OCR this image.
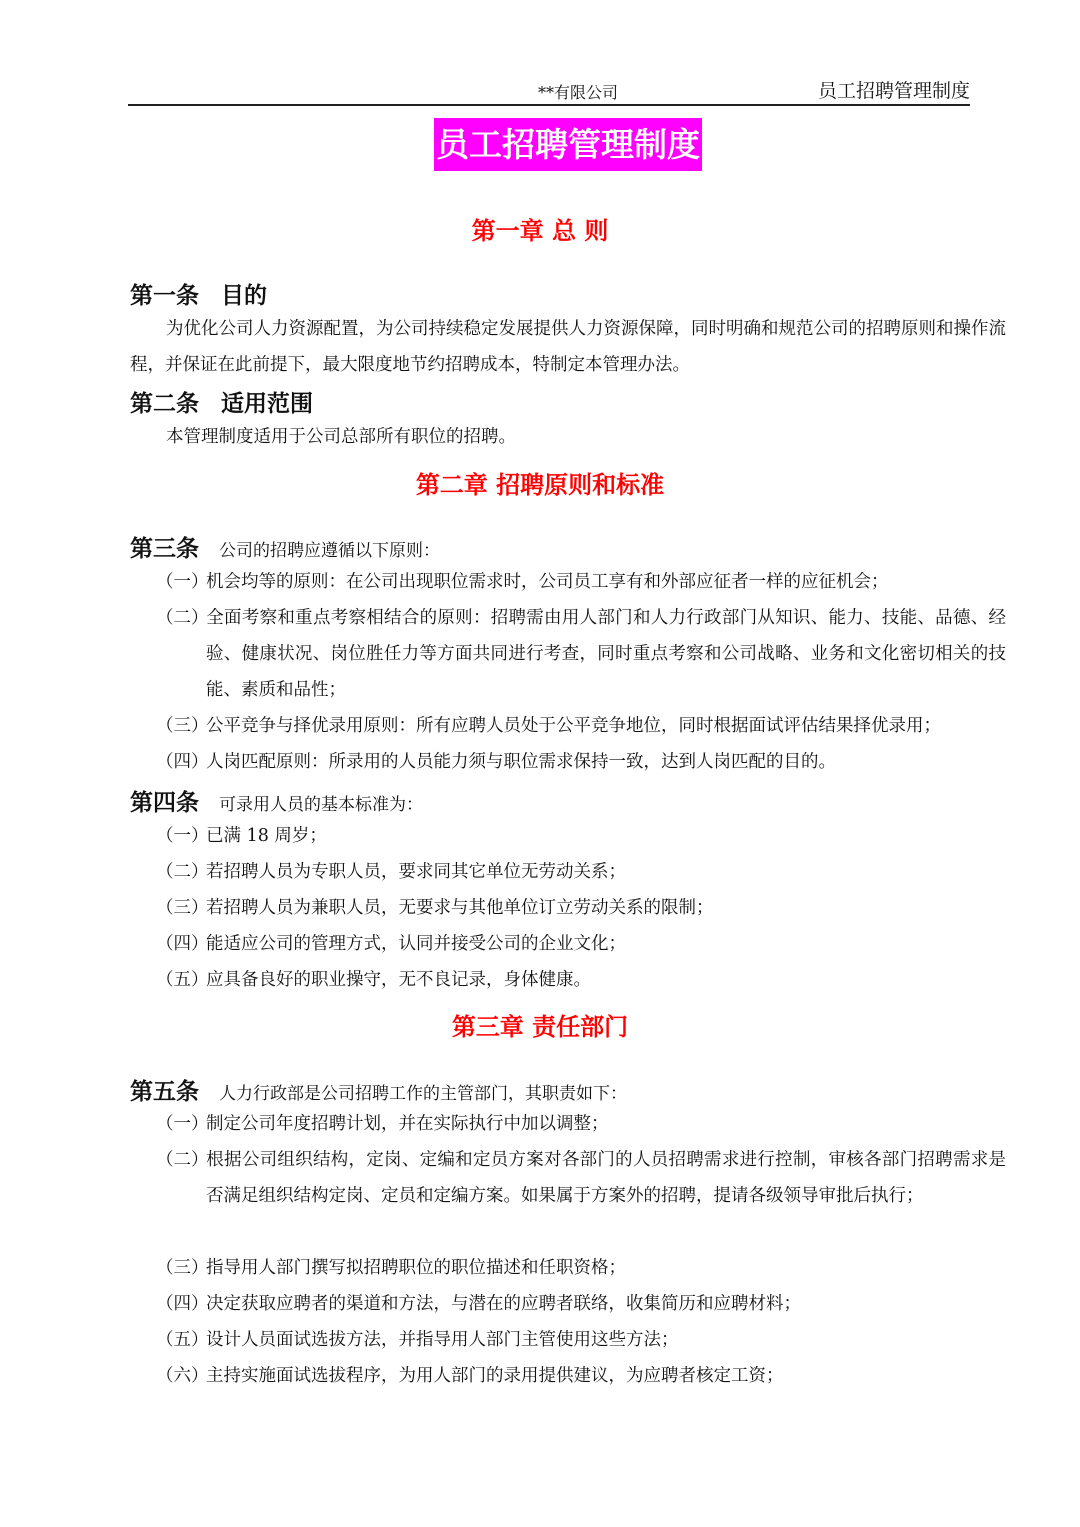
**有限公司	员工招聘管理制度
员工招聘管理制度
第一章 总 则
第一条 目的

为优化公司人力资源配置，为公司持续稳定发展提供人力资源保障，同时明确和规范公司的招聘原则和操作流程，并保证在此前提下，最大限度地节约招聘成本，特制定本管理办法。

第二条 适用范围

本管理制度适用于公司总部所有职位的招聘。

第二章 招聘原则和标准
第三条 公司的招聘应遵循以下原则：

（一）机会均等的原则：在公司出现职位需求时，公司员工享有和外部应征者一样的应征机会；

（二）全面考察和重点考察相结合的原则：招聘需由用人部门和人力行政部门从知识、能力、技能、品德、经验、健康状况、岗位胜任力等方面共同进行考查，同时重点考察和公司战略、业务和文化密切相关的技能、素质和品性；

（三）公平竞争与择优录用原则：所有应聘人员处于公平竞争地位，同时根据面试评估结果择优录用；

（四）人岗匹配原则：所录用的人员能力须与职位需求保持一致，达到人岗匹配的目的。

第四条 可录用人员的基本标准为：

（一）已满 18 周岁；

（二）若招聘人员为专职人员，要求同其它单位无劳动关系；

（三）若招聘人员为兼职人员，无要求与其他单位订立劳动关系的限制；

（四）能适应公司的管理方式，认同并接受公司的企业文化；

（五）应具备良好的职业操守，无不良记录，身体健康。

第三章 责任部门
第五条 人力行政部是公司招聘工作的主管部门，其职责如下：

（一）制定公司年度招聘计划，并在实际执行中加以调整；

（二）根据公司组织结构，定岗、定编和定员方案对各部门的人员招聘需求进行控制，审核各部门招聘需求是否满足组织结构定岗、定员和定编方案。如果属于方案外的招聘，提请各级领导审批后执行；

（三）指导用人部门撰写拟招聘职位的职位描述和任职资格；

（四）决定获取应聘者的渠道和方法，与潜在的应聘者联络，收集简历和应聘材料；

（五）设计人员面试选拔方法，并指导用人部门主管使用这些方法；

（六）主持实施面试选拔程序，为用人部门的录用提供建议，为应聘者核定工资；
